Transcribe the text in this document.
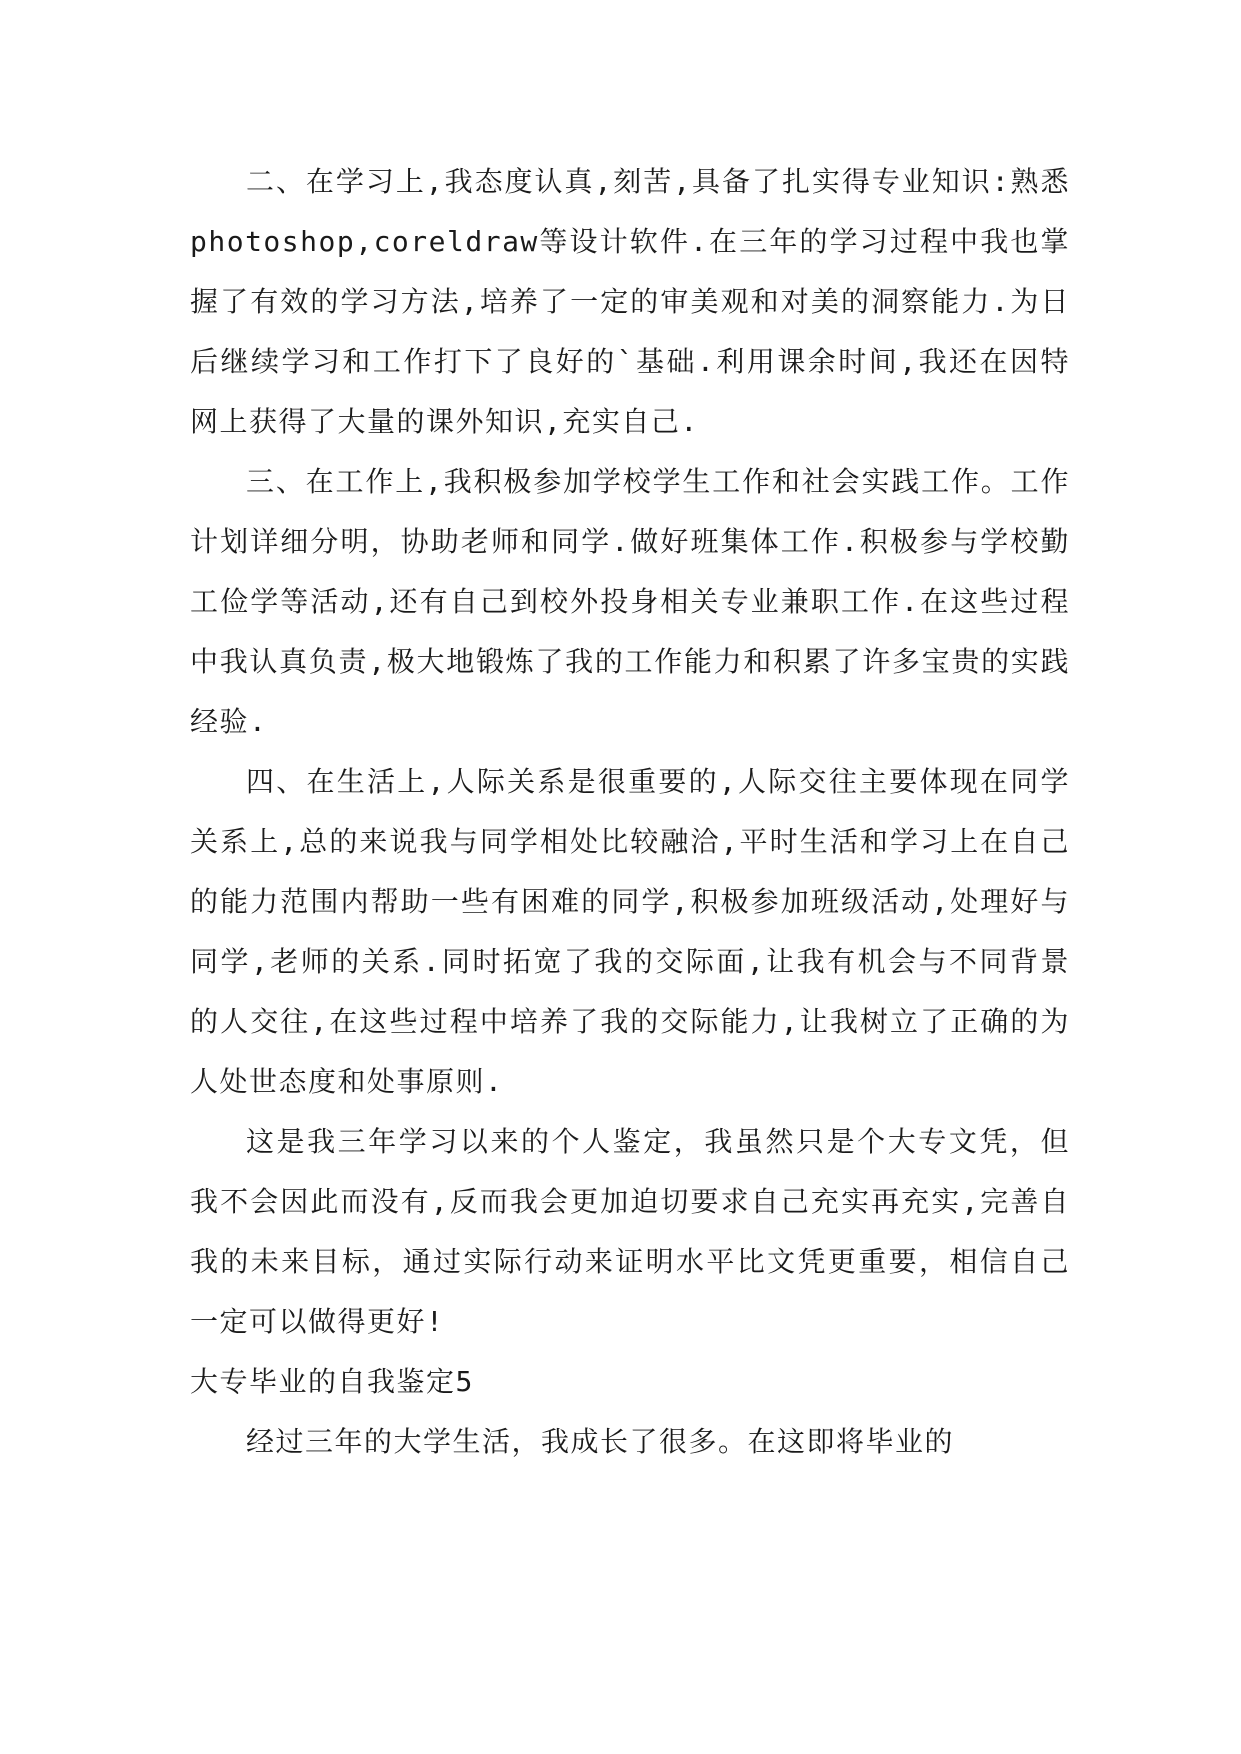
二、在学习上,我态度认真,刻苦,具备了扎实得专业知识:熟悉photoshop,coreldraw等设计软件.在三年的学习过程中我也掌握了有效的学习方法,培养了一定的审美观和对美的洞察能力.为日后继续学习和工作打下了良好的`基础.利用课余时间,我还在因特网上获得了大量的课外知识,充实自己.

三、在工作上,我积极参加学校学生工作和社会实践工作。工作计划详细分明，协助老师和同学.做好班集体工作.积极参与学校勤工俭学等活动,还有自己到校外投身相关专业兼职工作.在这些过程中我认真负责,极大地锻炼了我的工作能力和积累了许多宝贵的实践经验.

四、在生活上,人际关系是很重要的,人际交往主要体现在同学关系上,总的来说我与同学相处比较融洽,平时生活和学习上在自己的能力范围内帮助一些有困难的同学,积极参加班级活动,处理好与同学,老师的关系.同时拓宽了我的交际面,让我有机会与不同背景的人交往,在这些过程中培养了我的交际能力,让我树立了正确的为人处世态度和处事原则.

这是我三年学习以来的个人鉴定，我虽然只是个大专文凭，但我不会因此而没有,反而我会更加迫切要求自己充实再充实,完善自我的未来目标，通过实际行动来证明水平比文凭更重要，相信自己一定可以做得更好!

大专毕业的自我鉴定5

经过三年的大学生活，我成长了很多。在这即将毕业的
